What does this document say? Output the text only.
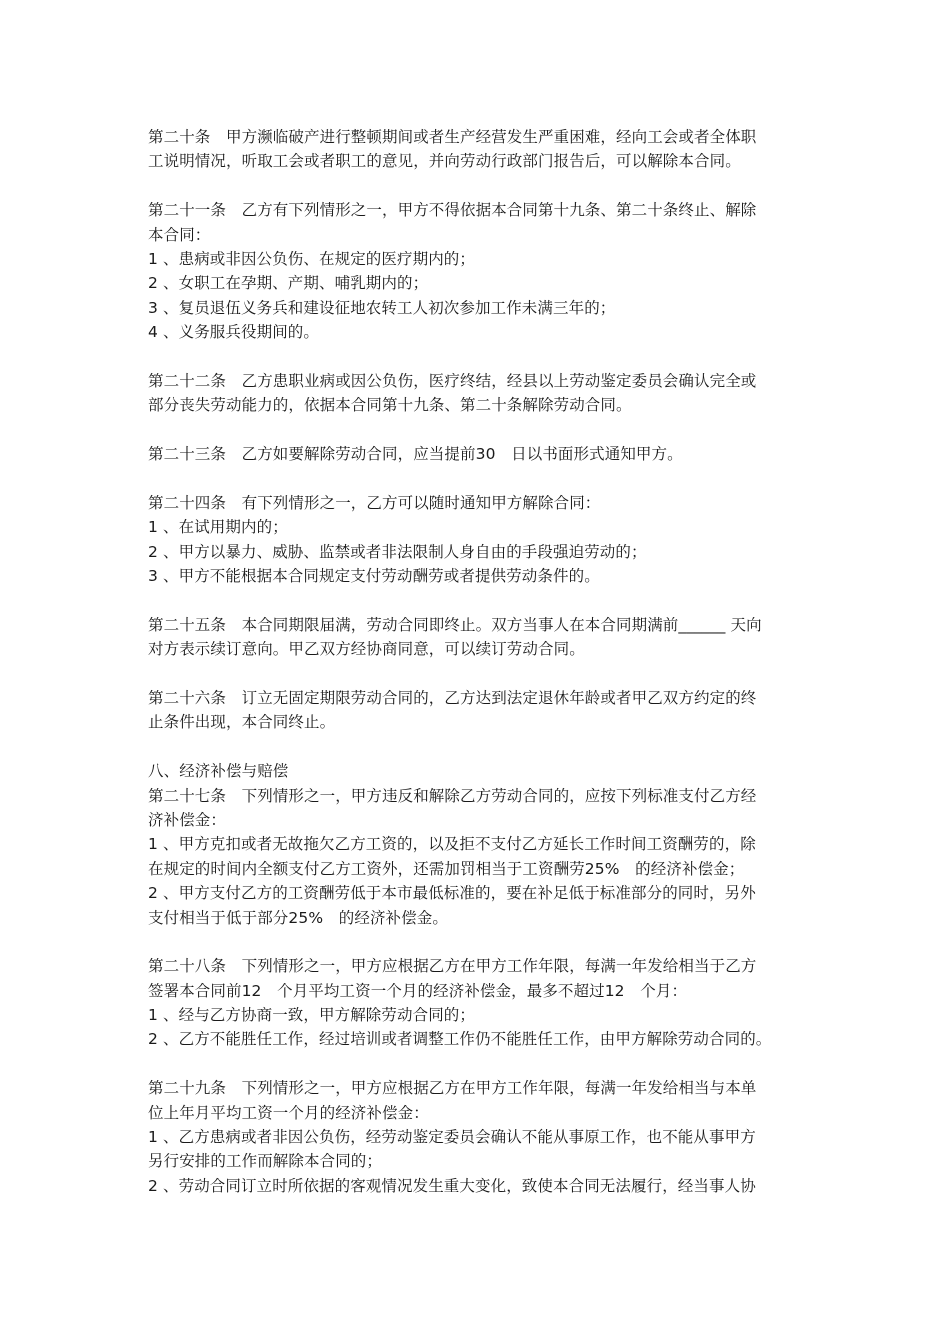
第二十条　甲方濒临破产进行整顿期间或者生产经营发生严重困难，经向工会或者全体职
工说明情况，听取工会或者职工的意见，并向劳动行政部门报告后，可以解除本合同。
第二十一条　乙方有下列情形之一，甲方不得依据本合同第十九条、第二十条终止、解除
本合同：
1 、患病或非因公负伤、在规定的医疗期内的；
2 、女职工在孕期、产期、哺乳期内的；
3 、复员退伍义务兵和建设征地农转工人初次参加工作未满三年的；
4 、义务服兵役期间的。
第二十二条　乙方患职业病或因公负伤，医疗终结，经县以上劳动鉴定委员会确认完全或
部分丧失劳动能力的，依据本合同第十九条、第二十条解除劳动合同。
第二十三条　乙方如要解除劳动合同，应当提前30　日以书面形式通知甲方。
第二十四条　有下列情形之一，乙方可以随时通知甲方解除合同：
1 、在试用期内的；
2 、甲方以暴力、威胁、监禁或者非法限制人身自由的手段强迫劳动的；
3 、甲方不能根据本合同规定支付劳动酬劳或者提供劳动条件的。
第二十五条　本合同期限届满，劳动合同即终止。双方当事人在本合同期满前______ 天向
对方表示续订意向。甲乙双方经协商同意，可以续订劳动合同。
第二十六条　订立无固定期限劳动合同的，乙方达到法定退休年龄或者甲乙双方约定的终
止条件出现，本合同终止。
八、经济补偿与赔偿
第二十七条　下列情形之一，甲方违反和解除乙方劳动合同的，应按下列标准支付乙方经
济补偿金：
1 、甲方克扣或者无故拖欠乙方工资的，以及拒不支付乙方延长工作时间工资酬劳的，除
在规定的时间内全额支付乙方工资外，还需加罚相当于工资酬劳25%　的经济补偿金；
2 、甲方支付乙方的工资酬劳低于本市最低标准的，要在补足低于标准部分的同时，另外
支付相当于低于部分25%　的经济补偿金。
第二十八条　下列情形之一，甲方应根据乙方在甲方工作年限，每满一年发给相当于乙方
签署本合同前12　个月平均工资一个月的经济补偿金，最多不超过12　个月：
1 、经与乙方协商一致，甲方解除劳动合同的；
2 、乙方不能胜任工作，经过培训或者调整工作仍不能胜任工作，由甲方解除劳动合同的。
第二十九条　下列情形之一，甲方应根据乙方在甲方工作年限，每满一年发给相当与本单
位上年月平均工资一个月的经济补偿金：
1 、乙方患病或者非因公负伤，经劳动鉴定委员会确认不能从事原工作，也不能从事甲方
另行安排的工作而解除本合同的；
2 、劳动合同订立时所依据的客观情况发生重大变化，致使本合同无法履行，经当事人协
